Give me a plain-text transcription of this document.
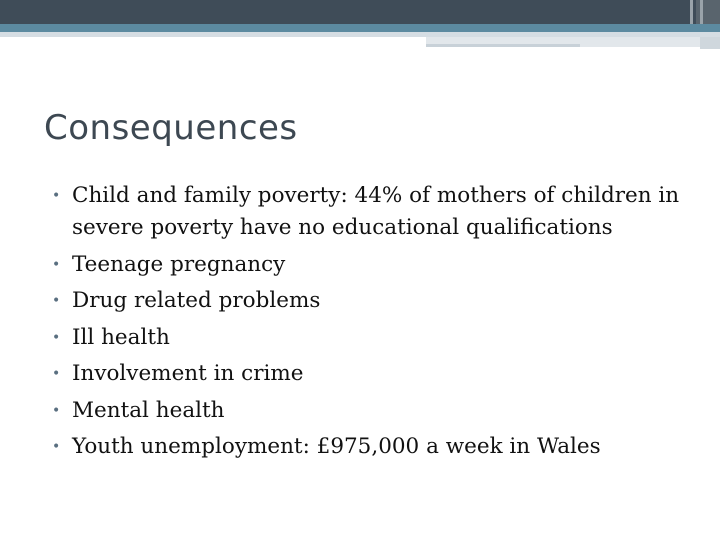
Consequences
• Child and family poverty: 44% of mothers of children in severe poverty have no educational qualifications
• Teenage pregnancy
• Drug related problems
• Ill health
• Involvement in crime
• Mental health
• Youth unemployment: £975,000 a week in Wales
